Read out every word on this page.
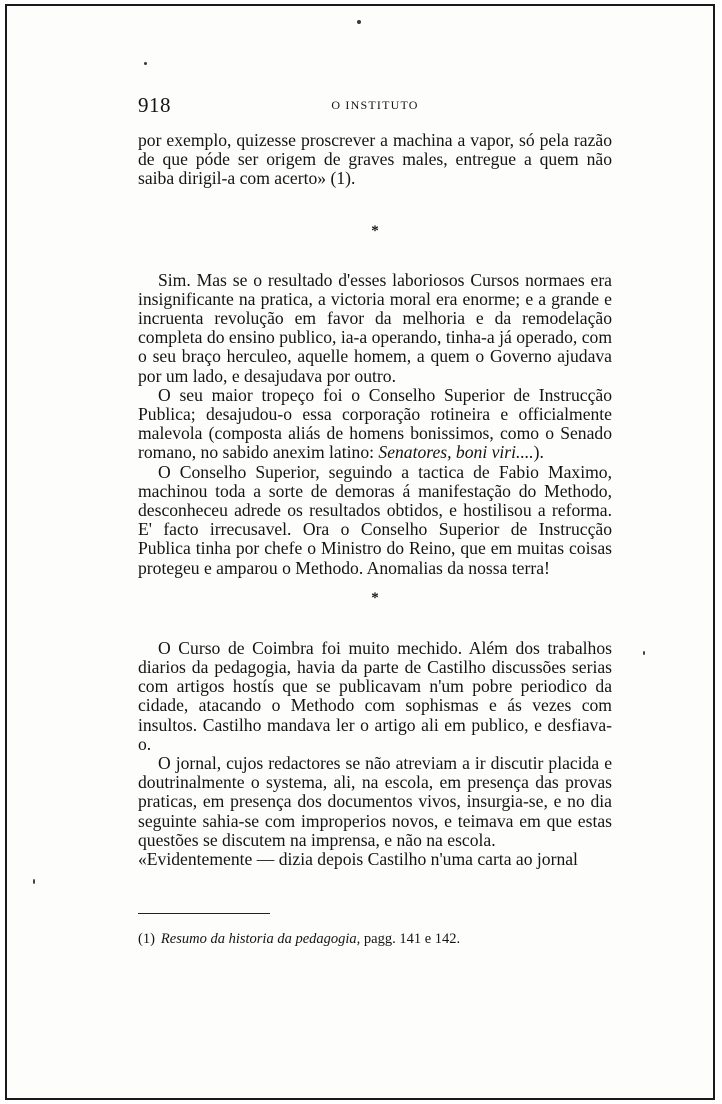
918	O INSTITUTO

por exemplo, quizesse proscrever a machina a vapor, só pela razão de que póde ser origem de graves males, entregue a quem não saiba dirigil-a com acerto» (1).

*

Sim. Mas se o resultado d'esses laboriosos Cursos normaes era insignificante na pratica, a victoria moral era enorme; e a grande e incruenta revolução em favor da melhoria e da remodelação completa do ensino publico, ia-a operando, tinha-a já operado, com o seu braço herculeo, aquelle homem, a quem o Governo ajudava por um lado, e desajudava por outro.

O seu maior tropeço foi o Conselho Superior de Instrucção Publica; desajudou-o essa corporação rotineira e officialmente malevola (composta aliás de homens bonissimos, como o Senado romano, no sabido anexim latino: Senatores, boni viri....).

O Conselho Superior, seguindo a tactica de Fabio Maximo, machinou toda a sorte de demoras á manifestação do Methodo, desconheceu adrede os resultados obtidos, e hostilisou a reforma. E' facto irrecusavel. Ora o Conselho Superior de Instrucção Publica tinha por chefe o Ministro do Reino, que em muitas coisas protegeu e amparou o Methodo. Anomalias da nossa terra!

*

O Curso de Coimbra foi muito mechido. Além dos trabalhos diarios da pedagogia, havia da parte de Castilho discussões serias com artigos hostís que se publicavam n'um pobre periodico da cidade, atacando o Methodo com sophismas e ás vezes com insultos. Castilho mandava ler o artigo ali em publico, e desfiava-o.

O jornal, cujos redactores se não atreviam a ir discutir placida e doutrinalmente o systema, ali, na escola, em presença das provas praticas, em presença dos documentos vivos, insurgia-se, e no dia seguinte sahia-se com improperios novos, e teimava em que estas questões se discutem na imprensa, e não na escola.

«Evidentemente — dizia depois Castilho n'uma carta ao jornal

(1) Resumo da historia da pedagogia, pagg. 141 e 142.
